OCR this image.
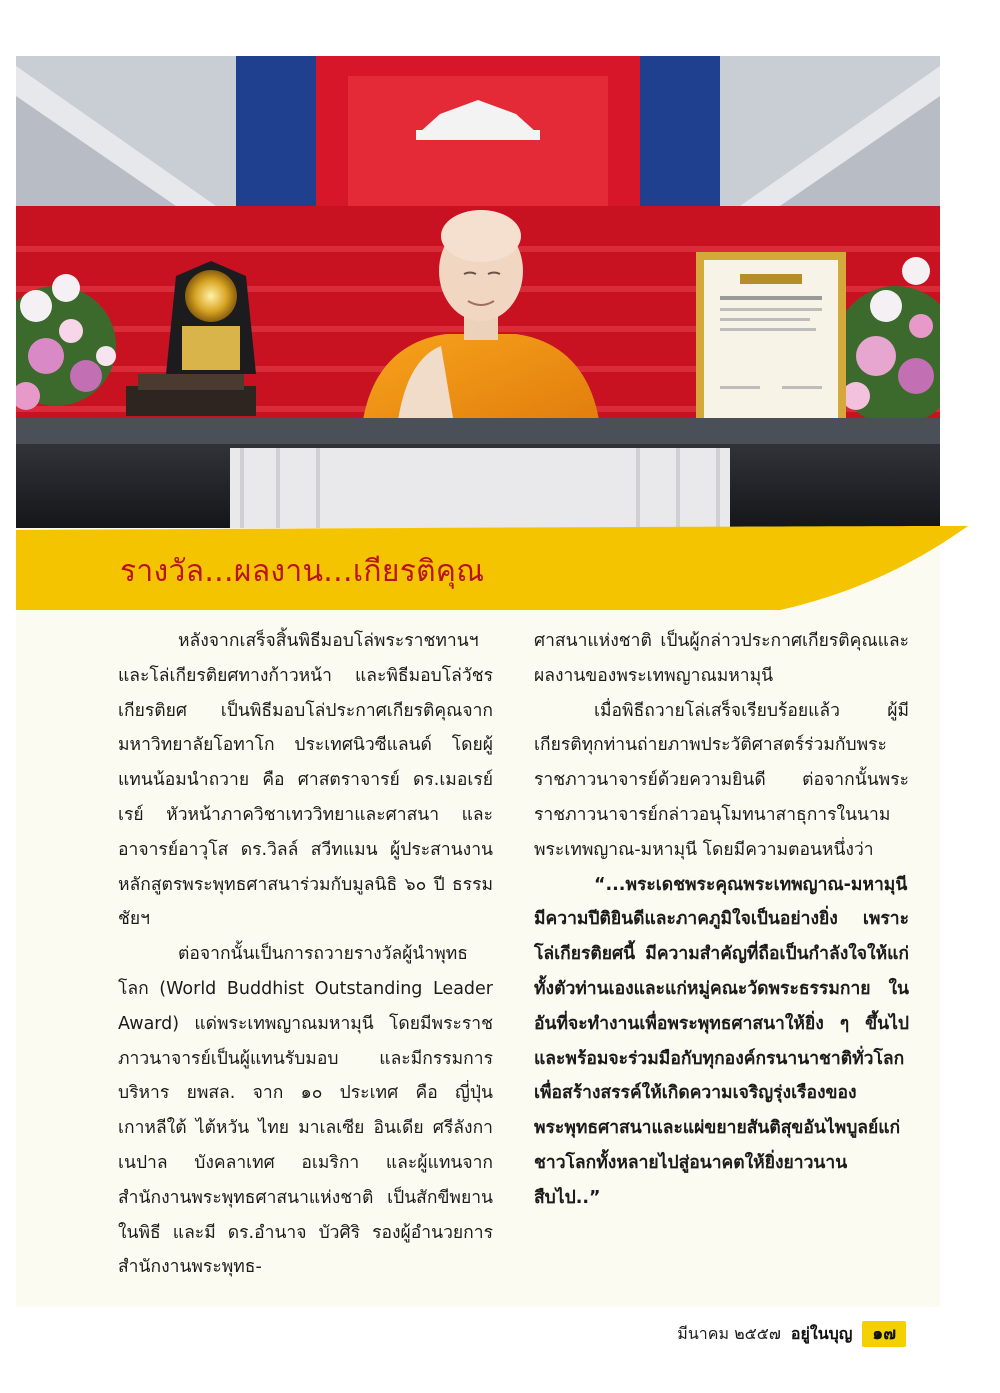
รางวัล...ผลงาน...เกียรติคุณ

หลังจากเสร็จสิ้นพิธีมอบโล่พระราชทานฯ และโล่เกียรติยศทางก้าวหน้า และพิธีมอบโล่วัชรเกียรติยศ เป็นพิธีมอบโล่ประกาศเกียรติคุณจากมหาวิทยาลัยโอทาโก ประเทศนิวซีแลนด์ โดยผู้แทนน้อมนำถวาย คือ ศาสตราจารย์ ดร.เมอเรย์ เรย์ หัวหน้าภาควิชาเทววิทยาและศาสนา และอาจารย์อาวุโส ดร.วิลล์ สวีทแมน ผู้ประสานงานหลักสูตรพระพุทธศาสนาร่วมกับมูลนิธิ ๖๐ ปี ธรรมชัยฯ

ต่อจากนั้นเป็นการถวายรางวัลผู้นำพุทธโลก (World Buddhist Outstanding Leader Award) แด่พระเทพญาณมหามุนี โดยมีพระราชภาวนาจารย์เป็นผู้แทนรับมอบ และมีกรรมการบริหาร ยพสล. จาก ๑๐ ประเทศ คือ ญี่ปุ่น เกาหลีใต้ ไต้หวัน ไทย มาเลเซีย อินเดีย ศรีลังกา เนปาล บังคลาเทศ อเมริกา และผู้แทนจากสำนักงานพระพุทธศาสนาแห่งชาติ เป็นสักขีพยานในพิธี และมี ดร.อำนาจ บัวศิริ รองผู้อำนวยการสำนักงานพระพุทธ-

ศาสนาแห่งชาติ เป็นผู้กล่าวประกาศเกียรติคุณและผลงานของพระเทพญาณมหามุนี

เมื่อพิธีถวายโล่เสร็จเรียบร้อยแล้ว ผู้มีเกียรติทุกท่านถ่ายภาพประวัติศาสตร์ร่วมกับพระราชภาวนาจารย์ด้วยความยินดี ต่อจากนั้นพระราชภาวนาจารย์กล่าวอนุโมทนาสาธุการในนามพระเทพญาณ-มหามุนี โดยมีความตอนหนึ่งว่า

“...พระเดชพระคุณพระเทพญาณ-มหามุนีมีความปีติยินดีและภาคภูมิใจเป็นอย่างยิ่ง เพราะโล่เกียรติยศนี้ มีความสำคัญที่ถือเป็นกำลังใจให้แก่ทั้งตัวท่านเองและแก่หมู่คณะวัดพระธรรมกาย ในอันที่จะทำงานเพื่อพระพุทธศาสนาให้ยิ่ง ๆ ขึ้นไป และพร้อมจะร่วมมือกับทุกองค์กรนานาชาติทั่วโลก เพื่อสร้างสรรค์ให้เกิดความเจริญรุ่งเรืองของพระพุทธศาสนาและแผ่ขยายสันติสุขอันไพบูลย์แก่ชาวโลกทั้งหลายไปสู่อนาคตให้ยิ่งยาวนานสืบไป..”

มีนาคม ๒๕๕๗ อยู่ในบุญ	๑๗
